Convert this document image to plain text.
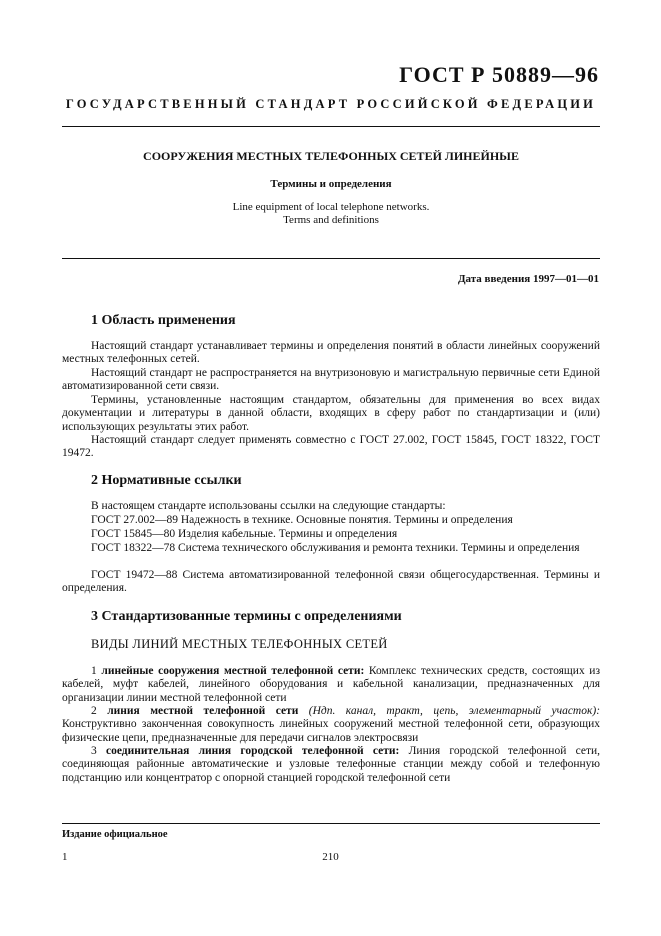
ГОСТ Р 50889—96
ГОСУДАРСТВЕННЫЙ СТАНДАРТ РОССИЙСКОЙ ФЕДЕРАЦИИ
СООРУЖЕНИЯ МЕСТНЫХ ТЕЛЕФОННЫХ СЕТЕЙ ЛИНЕЙНЫЕ
Термины и определения
Line equipment of local telephone networks.
Terms and definitions
Дата введения 1997—01—01
1 Область применения

Настоящий стандарт устанавливает термины и определения понятий в области линейных сооружений местных телефонных сетей.

Настоящий стандарт не распространяется на внутризоновую и магистральную первичные сети Единой автоматизированной сети связи.

Термины, установленные настоящим стандартом, обязательны для применения во всех видах документации и литературы в данной области, входящих в сферу работ по стандартизации и (или) использующих результаты этих работ.

Настоящий стандарт следует применять совместно с ГОСТ 27.002, ГОСТ 15845, ГОСТ 18322, ГОСТ 19472.

2 Нормативные ссылки

В настоящем стандарте использованы ссылки на следующие стандарты:

ГОСТ 27.002—89 Надежность в технике. Основные понятия. Термины и определения

ГОСТ 15845—80 Изделия кабельные. Термины и определения

ГОСТ 18322—78 Система технического обслуживания и ремонта техники. Термины и определения

ГОСТ 19472—88 Система автоматизированной телефонной связи общегосударственная. Термины и определения.

3 Стандартизованные термины с определениями
ВИДЫ ЛИНИЙ МЕСТНЫХ ТЕЛЕФОННЫХ СЕТЕЙ

1 линейные сооружения местной телефонной сети: Комплекс технических средств, состоящих из кабелей, муфт кабелей, линейного оборудования и кабельной канализации, предназначенных для организации линии местной телефонной сети

2 линия местной телефонной сети (Ндп. канал, тракт, цепь, элементарный участок): Конструктивно законченная совокупность линейных сооружений местной телефонной сети, образующих физические цепи, предназначенные для передачи сигналов электросвязи

3 соединительная линия городской телефонной сети: Линия городской телефонной сети, соединяющая районные автоматические и узловые телефонные станции между собой и телефонную подстанцию или концентратор с опорной станцией городской телефонной сети

Издание официальное
1	210
